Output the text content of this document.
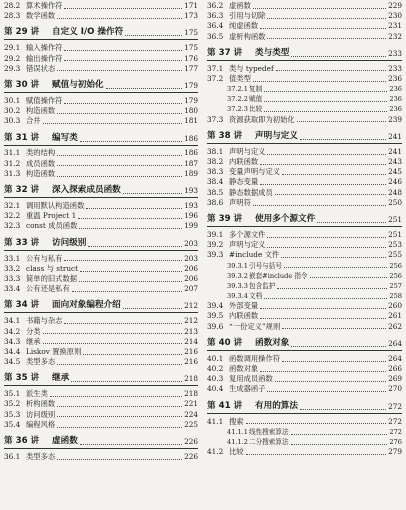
28.2 算术操作符	171
28.3 数学函数	173
第 29 讲	自定义 I/O 操作符	175
29.1 输入操作符	175
29.2 输出操作符	176
29.3 错误状态	177
第 30 讲	赋值与初始化	179
30.1 赋值操作符	179
30.2 构造函数	180
30.3 合并	181
第 31 讲	编写类	186
31.1 类的结构	186
31.2 成员函数	187
31.3 构造函数	189
第 32 讲	深入探索成员函数	193
32.1 调用默认构造函数	193
32.2 重温 Project 1	196
32.3 const 成员函数	199
第 33 讲	访问级别	203
33.1 公有与私有	203
33.2 class 与 struct	206
33.3 简单的旧式数据	206
33.4 公有还是私有	207
第 34 讲	面向对象编程介绍	212
34.1 书籍与杂志	212
34.2 分类	213
34.3 继承	214
34.4 Liskov 置换原则	216
34.5 类型多态	216
第 35 讲	继承	218
35.1 派生类	218
35.2 析构函数	221
35.3 访问级别	224
35.4 编程风格	225
第 36 讲	虚函数	226
36.1 类型多态	226
36.2 虚函数	229
36.3 引用与切除	230
36.4 纯虚函数	231
36.5 虚析构函数	232
第 37 讲	类与类型	233
37.1 类与 typedef	233
37.2 值类型	236
37.2.1 复制	236
37.2.2 赋值	236
37.2.3 比较	236
37.3 资源获取即为初始化	239
第 38 讲	声明与定义	241
38.1 声明与定义	241
38.2 内联函数	243
38.3 变量声明与定义	245
38.4 静态变量	246
38.5 静态数据成员	248
38.6 声明符	250
第 39 讲	使用多个源文件	251
39.1 多个源文件	251
39.2 声明与定义	253
39.3 #include 文件	255
39.3.1 引号与括号	256
39.3.2 嵌套#include 指令	256
39.3.3 包含监护	257
39.3.4 文档	258
39.4 外部变量	260
39.5 内联函数	261
39.6 “一份定义”规则	262
第 40 讲	函数对象	264
40.1 函数调用操作符	264
40.2 函数对象	266
40.3 复用成员函数	269
40.4 生成器函子	270
第 41 讲	有用的算法	272
41.1 搜索	272
41.1.1 线性搜索算法	272
41.1.2 二分搜索算法	276
41.2 比较	279
